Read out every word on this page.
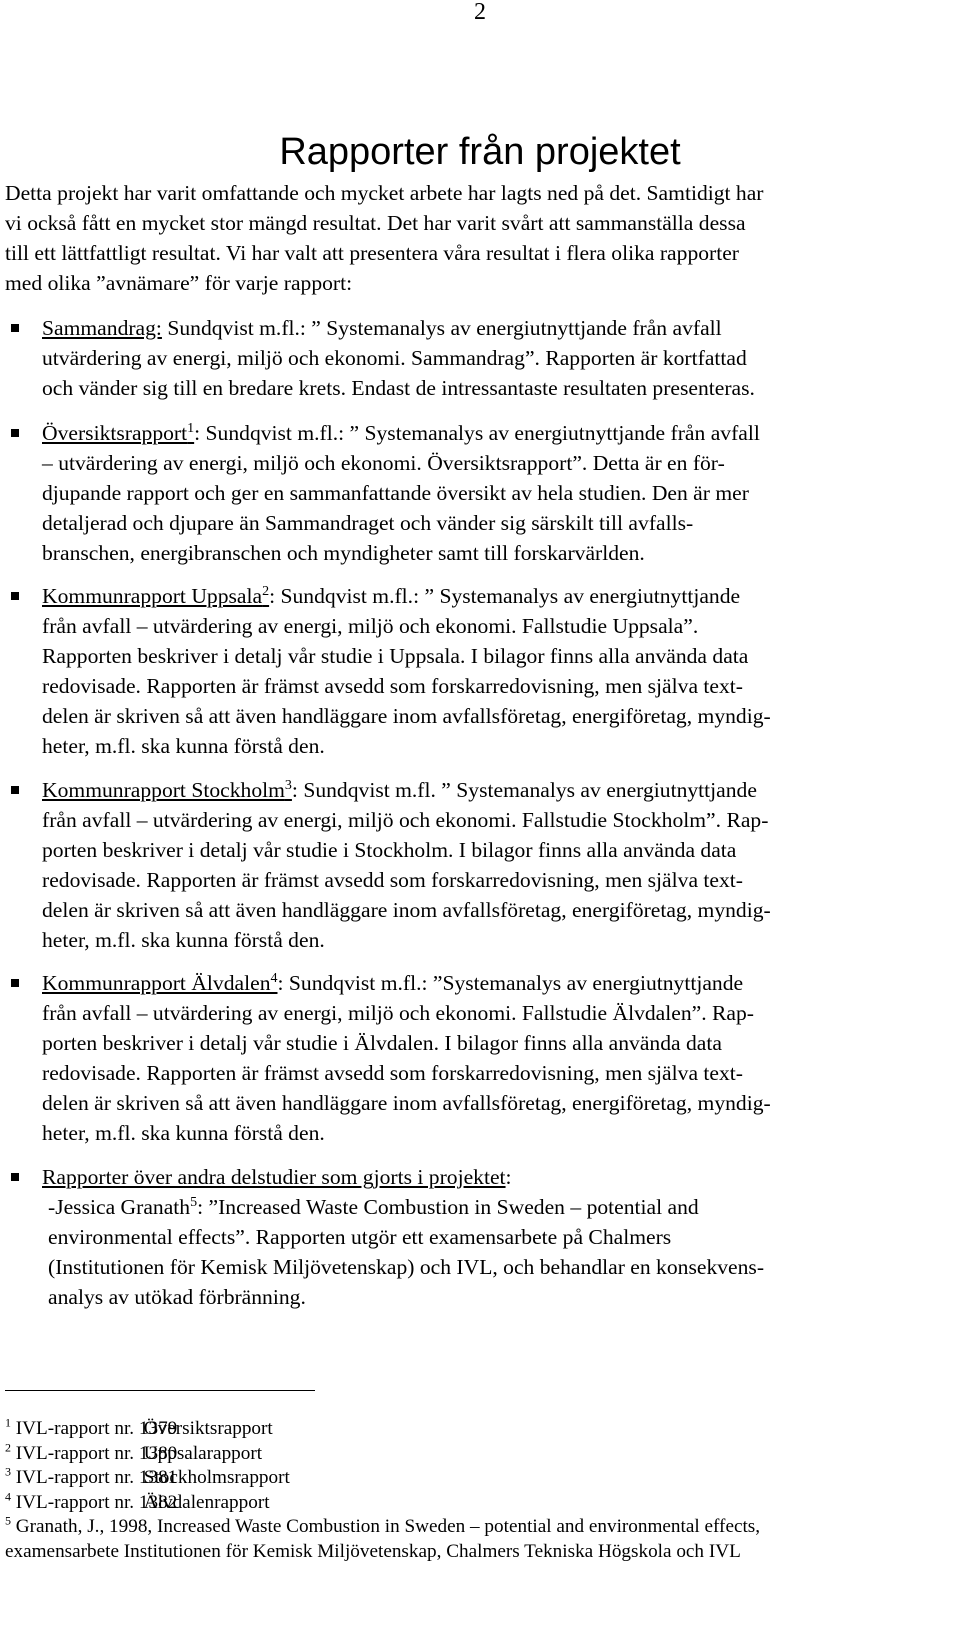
2
Rapporter från projektet
Detta projekt har varit omfattande och mycket arbete har lagts ned på det. Samtidigt har
vi också fått en mycket stor mängd resultat. Det har varit svårt att sammanställa dessa
till ett lättfattligt resultat. Vi har valt att presentera våra resultat i flera olika rapporter
med olika ”avnämare” för varje rapport:
Sammandrag: Sundqvist m.fl.: ” Systemanalys av energiutnyttjande från avfall
utvärdering av energi, miljö och ekonomi. Sammandrag”. Rapporten är kortfattad
och vänder sig till en bredare krets. Endast de intressantaste resultaten presenteras.
Översiktsrapport$^1$: Sundqvist m.fl.: ” Systemanalys av energiutnyttjande från avfall
– utvärdering av energi, miljö och ekonomi. Översiktsrapport”. Detta är en för-
djupande rapport och ger en sammanfattande översikt av hela studien. Den är mer
detaljerad och djupare än Sammandraget och vänder sig särskilt till avfalls-
branschen, energibranschen och myndigheter samt till forskarvärlden.
Kommunrapport Uppsala$^2$: Sundqvist m.fl.: ” Systemanalys av energiutnyttjande
från avfall – utvärdering av energi, miljö och ekonomi. Fallstudie Uppsala”.
Rapporten beskriver i detalj vår studie i Uppsala. I bilagor finns alla använda data
redovisade. Rapporten är främst avsedd som forskarredovisning, men själva text-
delen är skriven så att även handläggare inom avfallsföretag, energiföretag, myndig-
heter, m.fl. ska kunna förstå den.
Kommunrapport Stockholm$^3$: Sundqvist m.fl. ” Systemanalys av energiutnyttjande
från avfall – utvärdering av energi, miljö och ekonomi. Fallstudie Stockholm”. Rap-
porten beskriver i detalj vår studie i Stockholm. I bilagor finns alla använda data
redovisade. Rapporten är främst avsedd som forskarredovisning, men själva text-
delen är skriven så att även handläggare inom avfallsföretag, energiföretag, myndig-
heter, m.fl. ska kunna förstå den.
Kommunrapport Älvdalen$^4$: Sundqvist m.fl.: ”Systemanalys av energiutnyttjande
från avfall – utvärdering av energi, miljö och ekonomi. Fallstudie Älvdalen”. Rap-
porten beskriver i detalj vår studie i Älvdalen. I bilagor finns alla använda data
redovisade. Rapporten är främst avsedd som forskarredovisning, men själva text-
delen är skriven så att även handläggare inom avfallsföretag, energiföretag, myndig-
heter, m.fl. ska kunna förstå den.
Rapporter över andra delstudier som gjorts i projektet:
-Jessica Granath$^5$: ”Increased Waste Combustion in Sweden – potential and
environmental effects”. Rapporten utgör ett examensarbete på Chalmers
(Institutionen för Kemisk Miljövetenskap) och IVL, och behandlar en konsekvens-
analys av utökad förbränning.
$^1$ IVL-rapport nr. 1379Översiktsrapport
$^2$ IVL-rapport nr. 1380Uppsalarapport
$^3$ IVL-rapport nr. 1381Stockholmsrapport
$^4$ IVL-rapport nr. 1382Älvdalenrapport
$^5$ Granath, J., 1998, Increased Waste Combustion in Sweden – potential and environmental effects,
examensarbete Institutionen för Kemisk Miljövetenskap, Chalmers Tekniska Högskola och IVL
